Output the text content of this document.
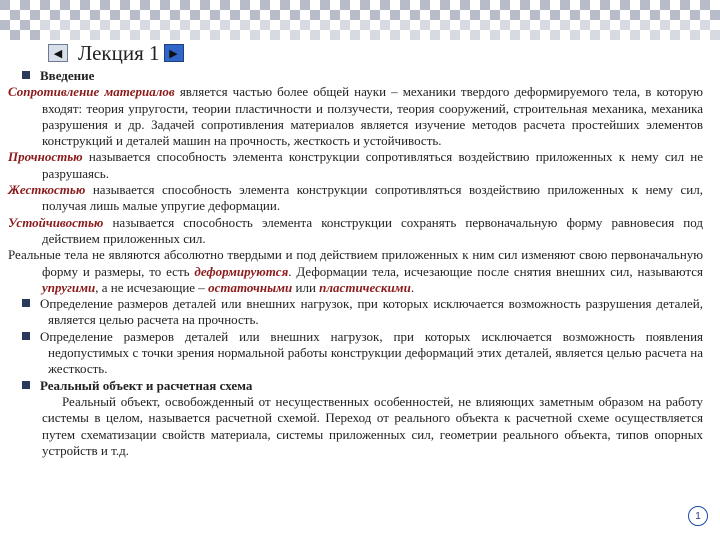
◀ Лекция 1 ▶

Введение

Сопротивление материалов является частью более общей науки – механики твердого деформируемого тела, в которую входят: теория упругости, теории пластичности и ползучести, теория сооружений, строительная механика, механика разрушения и др. Задачей сопротивления материалов является изучение методов расчета простейших элементов конструкций и деталей машин на прочность, жесткость и устойчивость.

Прочностью называется способность элемента конструкции сопротивляться воздействию приложенных к нему сил не разрушаясь.

Жесткостью называется способность элемента конструкции сопротивляться воздействию приложенных к нему сил, получая лишь малые упругие деформации.

Устойчивостью называется способность элемента конструкции сохранять первоначальную форму равновесия под действием приложенных сил.

Реальные тела не являются абсолютно твердыми и под действием приложенных к ним сил изменяют свою первоначальную форму и размеры, то есть деформируются. Деформации тела, исчезающие после снятия внешних сил, называются упругими, а не исчезающие – остаточными или пластическими.

Определение размеров деталей или внешних нагрузок, при которых исключается возможность разрушения деталей, является целью расчета на прочность.

Определение размеров деталей или внешних нагрузок, при которых исключается возможность появления недопустимых с точки зрения нормальной работы конструкции деформаций этих деталей, является целью расчета на жесткость.

Реальный объект и расчетная схема

Реальный объект, освобожденный от несущественных особенностей, не влияющих заметным образом на работу системы в целом, называется расчетной схемой. Переход от реального объекта к расчетной схеме осуществляется путем схематизации свойств материала, системы приложенных сил, геометрии реального объекта, типов опорных устройств и т.д.

1
